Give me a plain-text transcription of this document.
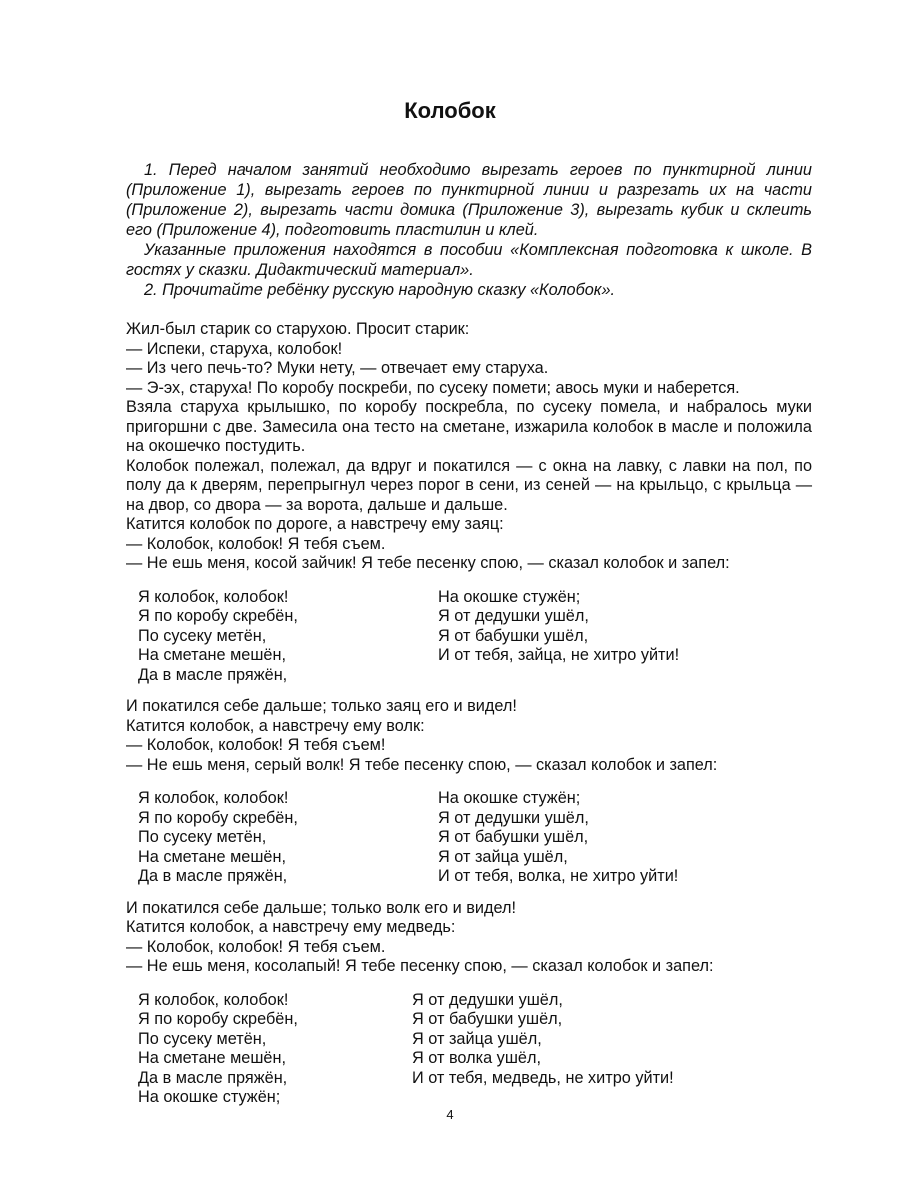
Колобок

1. Перед началом занятий необходимо вырезать героев по пунктирной линии (Приложение 1), вырезать героев по пунктирной линии и разрезать их на части (Приложение 2), вырезать части домика (Приложение 3), вырезать кубик и склеить его (Приложение 4), подготовить пластилин и клей.

Указанные приложения находятся в пособии «Комплексная подготовка к школе. В гостях у сказки. Дидактический материал».

2. Прочитайте ребёнку русскую народную сказку «Колобок».

Жил-был старик со старухою. Просит старик:

— Испеки, старуха, колобок!

— Из чего печь-то? Муки нету, — отвечает ему старуха.

— Э-эх, старуха! По коробу поскреби, по сусеку помети; авось муки и наберется.

Взяла старуха крылышко, по коробу поскребла, по сусеку помела, и набралось муки пригоршни с две. Замесила она тесто на сметане, изжарила колобок в масле и положила на окошечко постудить.

Колобок полежал, полежал, да вдруг и покатился — с окна на лавку, с лавки на пол, по полу да к дверям, перепрыгнул через порог в сени, из сеней — на крыльцо, с крыльца — на двор, со двора — за ворота, дальше и дальше.

Катится колобок по дороге, а навстречу ему заяц:

— Колобок, колобок! Я тебя съем.

— Не ешь меня, косой зайчик! Я тебе песенку спою, — сказал колобок и запел:

Я колобок, колобок!
Я по коробу скребён,
По сусеку метён,
На сметане мешён,
Да в масле пряжён,
На окошке стужён;
Я от дедушки ушёл,
Я от бабушки ушёл,
И от тебя, зайца, не хитро уйти!

И покатился себе дальше; только заяц его и видел!

Катится колобок, а навстречу ему волк:

— Колобок, колобок! Я тебя съем!

— Не ешь меня, серый волк! Я тебе песенку спою, — сказал колобок и запел:

Я колобок, колобок!
Я по коробу скребён,
По сусеку метён,
На сметане мешён,
Да в масле пряжён,
На окошке стужён;
Я от дедушки ушёл,
Я от бабушки ушёл,
Я от зайца ушёл,
И от тебя, волка, не хитро уйти!

И покатился себе дальше; только волк его и видел!

Катится колобок, а навстречу ему медведь:

— Колобок, колобок! Я тебя съем.

— Не ешь меня, косолапый! Я тебе песенку спою, — сказал колобок и запел:

Я колобок, колобок!
Я по коробу скребён,
По сусеку метён,
На сметане мешён,
Да в масле пряжён,
На окошке стужён;
Я от дедушки ушёл,
Я от бабушки ушёл,
Я от зайца ушёл,
Я от волка ушёл,
И от тебя, медведь, не хитро уйти!
4
